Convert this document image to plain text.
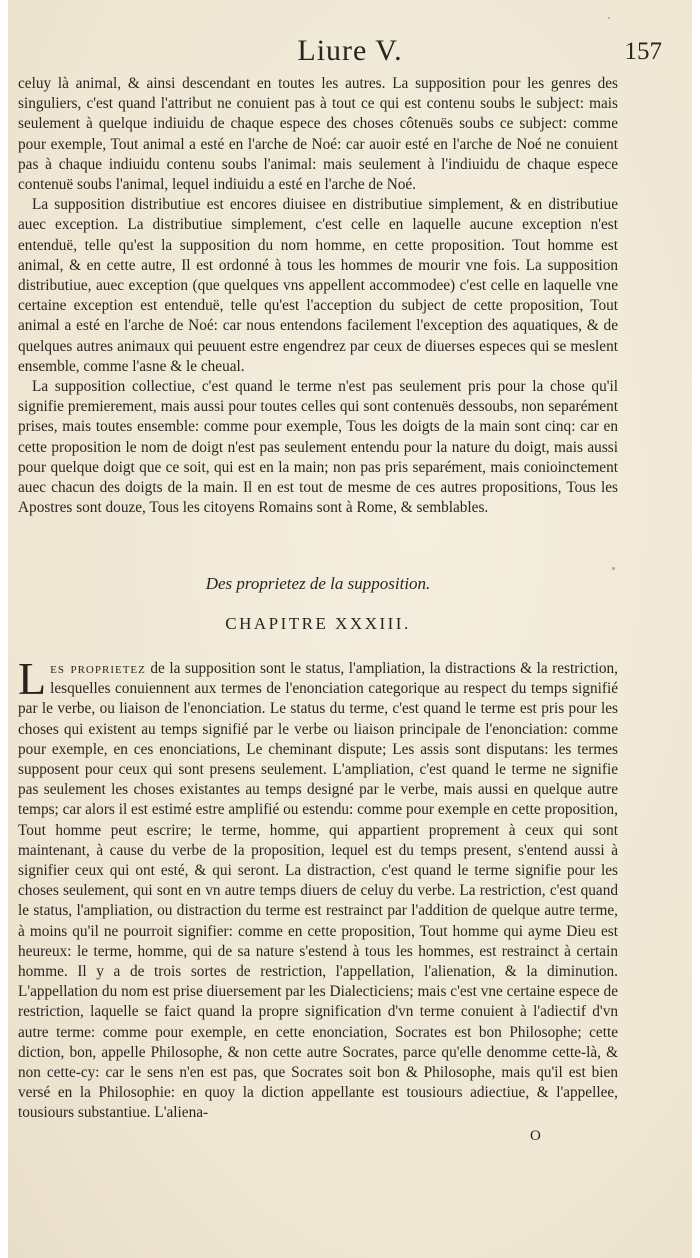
Liure V.	157

celuy là animal, & ainsi descendant en toutes les autres. La supposition pour les genres des singuliers, c'est quand l'attribut ne conuient pas à tout ce qui est contenu soubs le subject: mais seulement à quelque indiuidu de chaque espece des choses côtenuës soubs ce subject: comme pour exemple, Tout animal a esté en l'arche de Noé: car auoir esté en l'arche de Noé ne conuient pas à chaque indiuidu contenu soubs l'animal: mais seulement à l'indiuidu de chaque espece contenuë soubs l'animal, lequel indiuidu a esté en l'arche de Noé.

La supposition distributiue est encores diuisee en distributiue simplement, & en distributiue auec exception. La distributiue simplement, c'est celle en laquelle aucune exception n'est entenduë, telle qu'est la supposition du nom homme, en cette proposition. Tout homme est animal, & en cette autre, Il est ordonné à tous les hommes de mourir vne fois. La supposition distributiue, auec exception (que quelques vns appellent accommodee) c'est celle en laquelle vne certaine exception est entenduë, telle qu'est l'acception du subject de cette proposition, Tout animal a esté en l'arche de Noé: car nous entendons facilement l'exception des aquatiques, & de quelques autres animaux qui peuuent estre engendrez par ceux de diuerses especes qui se meslent ensemble, comme l'asne & le cheual.

La supposition collectiue, c'est quand le terme n'est pas seulement pris pour la chose qu'il signifie premierement, mais aussi pour toutes celles qui sont contenuës dessoubs, non separément prises, mais toutes ensemble: comme pour exemple, Tous les doigts de la main sont cinq: car en cette proposition le nom de doigt n'est pas seulement entendu pour la nature du doigt, mais aussi pour quelque doigt que ce soit, qui est en la main; non pas pris separément, mais conioinctement auec chacun des doigts de la main. Il en est tout de mesme de ces autres propositions, Tous les Apostres sont douze, Tous les citoyens Romains sont à Rome, & semblables.

Des proprietez de la supposition.
CHAPITRE XXXIII.

Les proprietez de la supposition sont le status, l'ampliation, la distractions & la restriction, lesquelles conuiennent aux termes de l'enonciation categorique au respect du temps signifié par le verbe, ou liaison de l'enonciation. Le status du terme, c'est quand le terme est pris pour les choses qui existent au temps signifié par le verbe ou liaison principale de l'enonciation: comme pour exemple, en ces enonciations, Le cheminant dispute; Les assis sont disputans: les termes supposent pour ceux qui sont presens seulement. L'ampliation, c'est quand le terme ne signifie pas seulement les choses existantes au temps designé par le verbe, mais aussi en quelque autre temps; car alors il est estimé estre amplifié ou estendu: comme pour exemple en cette proposition, Tout homme peut escrire; le terme, homme, qui appartient proprement à ceux qui sont maintenant, à cause du verbe de la proposition, lequel est du temps present, s'entend aussi à signifier ceux qui ont esté, & qui seront. La distraction, c'est quand le terme signifie pour les choses seulement, qui sont en vn autre temps diuers de celuy du verbe. La restriction, c'est quand le status, l'ampliation, ou distraction du terme est restrainct par l'addition de quelque autre terme, à moins qu'il ne pourroit signifier: comme en cette proposition, Tout homme qui ayme Dieu est heureux: le terme, homme, qui de sa nature s'estend à tous les hommes, est restrainct à certain homme. Il y a de trois sortes de restriction, l'appellation, l'alienation, & la diminution. L'appellation du nom est prise diuersement par les Dialecticiens; mais c'est vne certaine espece de restriction, laquelle se faict quand la propre signification d'vn terme conuient à l'adiectif d'vn autre terme: comme pour exemple, en cette enonciation, Socrates est bon Philosophe; cette diction, bon, appelle Philosophe, & non cette autre Socrates, parce qu'elle denomme cette-là, & non cette-cy: car le sens n'en est pas, que Socrates soit bon & Philosophe, mais qu'il est bien versé en la Philosophie: en quoy la diction appellante est tousiours adiectiue, & l'appellee, tousiours substantiue. L'aliena-

O
